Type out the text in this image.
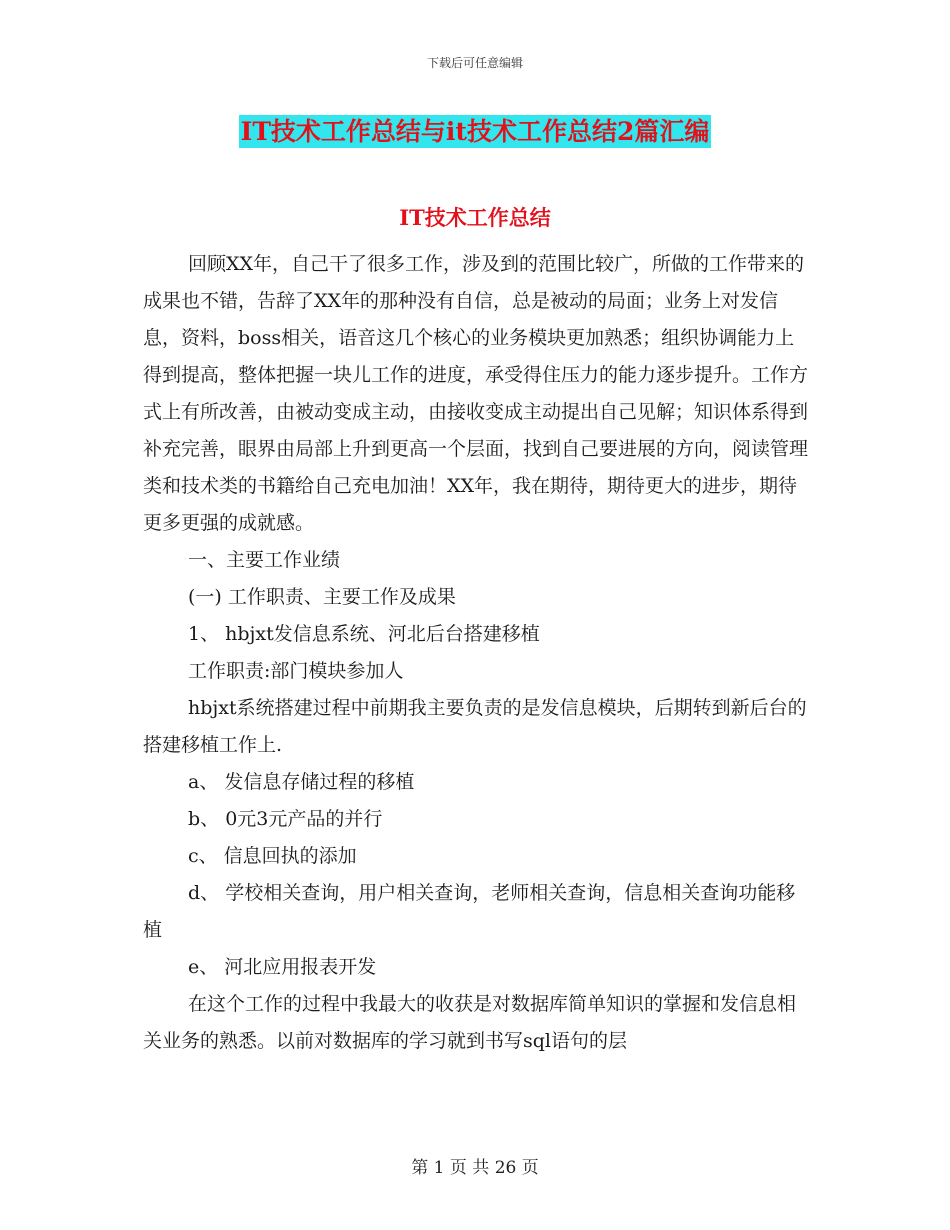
下载后可任意编辑
IT技术工作总结与it技术工作总结2篇汇编
IT技术工作总结

回顾XX年，自己干了很多工作，涉及到的范围比较广，所做的工作带来的成果也不错，告辞了XX年的那种没有自信，总是被动的局面；业务上对发信息，资料，boss相关，语音这几个核心的业务模块更加熟悉；组织协调能力上得到提高，整体把握一块儿工作的进度，承受得住压力的能力逐步提升。工作方式上有所改善，由被动变成主动，由接收变成主动提出自己见解；知识体系得到补充完善，眼界由局部上升到更高一个层面，找到自己要进展的方向，阅读管理类和技术类的书籍给自己充电加油！XX年，我在期待，期待更大的进步，期待更多更强的成就感。

一、主要工作业绩

(一) 工作职责、主要工作及成果

1、 hbjxt发信息系统、河北后台搭建移植

工作职责:部门模块参加人

hbjxt系统搭建过程中前期我主要负责的是发信息模块，后期转到新后台的搭建移植工作上.

a、 发信息存储过程的移植

b、 0元3元产品的并行

c、 信息回执的添加

d、 学校相关查询，用户相关查询，老师相关查询，信息相关查询功能移植

e、 河北应用报表开发

在这个工作的过程中我最大的收获是对数据库简单知识的掌握和发信息相关业务的熟悉。以前对数据库的学习就到书写sql语句的层

第 1 页 共 26 页
